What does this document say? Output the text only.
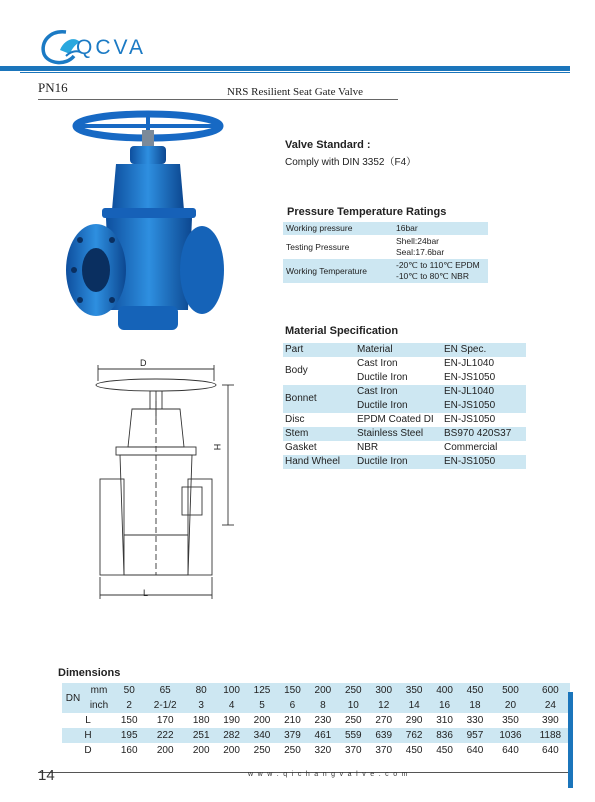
QCVA
PN16	NRS Resilient Seat Gate Valve
D
H
L
Valve Standard :
Comply with DIN 3352（F4）
Pressure Temperature Ratings
Working pressure	16bar
Testing Pressure	Shell:24bar
Seal:17.6bar

Working Temperature	-20℃ to 110℃ EPDM
-10℃ to 80℃ NBR
Material Specification
Part	Material	EN Spec.
Body	Cast Iron	EN-JL1040
	Ductile Iron	EN-JS1050
Bonnet	Cast Iron	EN-JL1040
	Ductile Iron	EN-JS1050
Disc	EPDM Coated DI	EN-JS1050
Stem	Stainless Steel	BS970 420S37
Gasket	NBR	Commercial
Hand Wheel	Ductile Iron	EN-JS1050
Dimensions
DN	mm	50	65	80	100	125	150	200	250	300	350	400	450	500	600
	inch	2	2-1/2	3	4	5	6	8	10	12	14	16	18	20	24
L		150	170	180	190	200	210	230	250	270	290	310	330	350	390
H		195	222	251	282	340	379	461	559	639	762	836	957	1036	1188
D		160	200	200	200	250	250	320	370	370	450	450	640	640	640
14	w w w . q i c h a n g v a l v e . c o m
